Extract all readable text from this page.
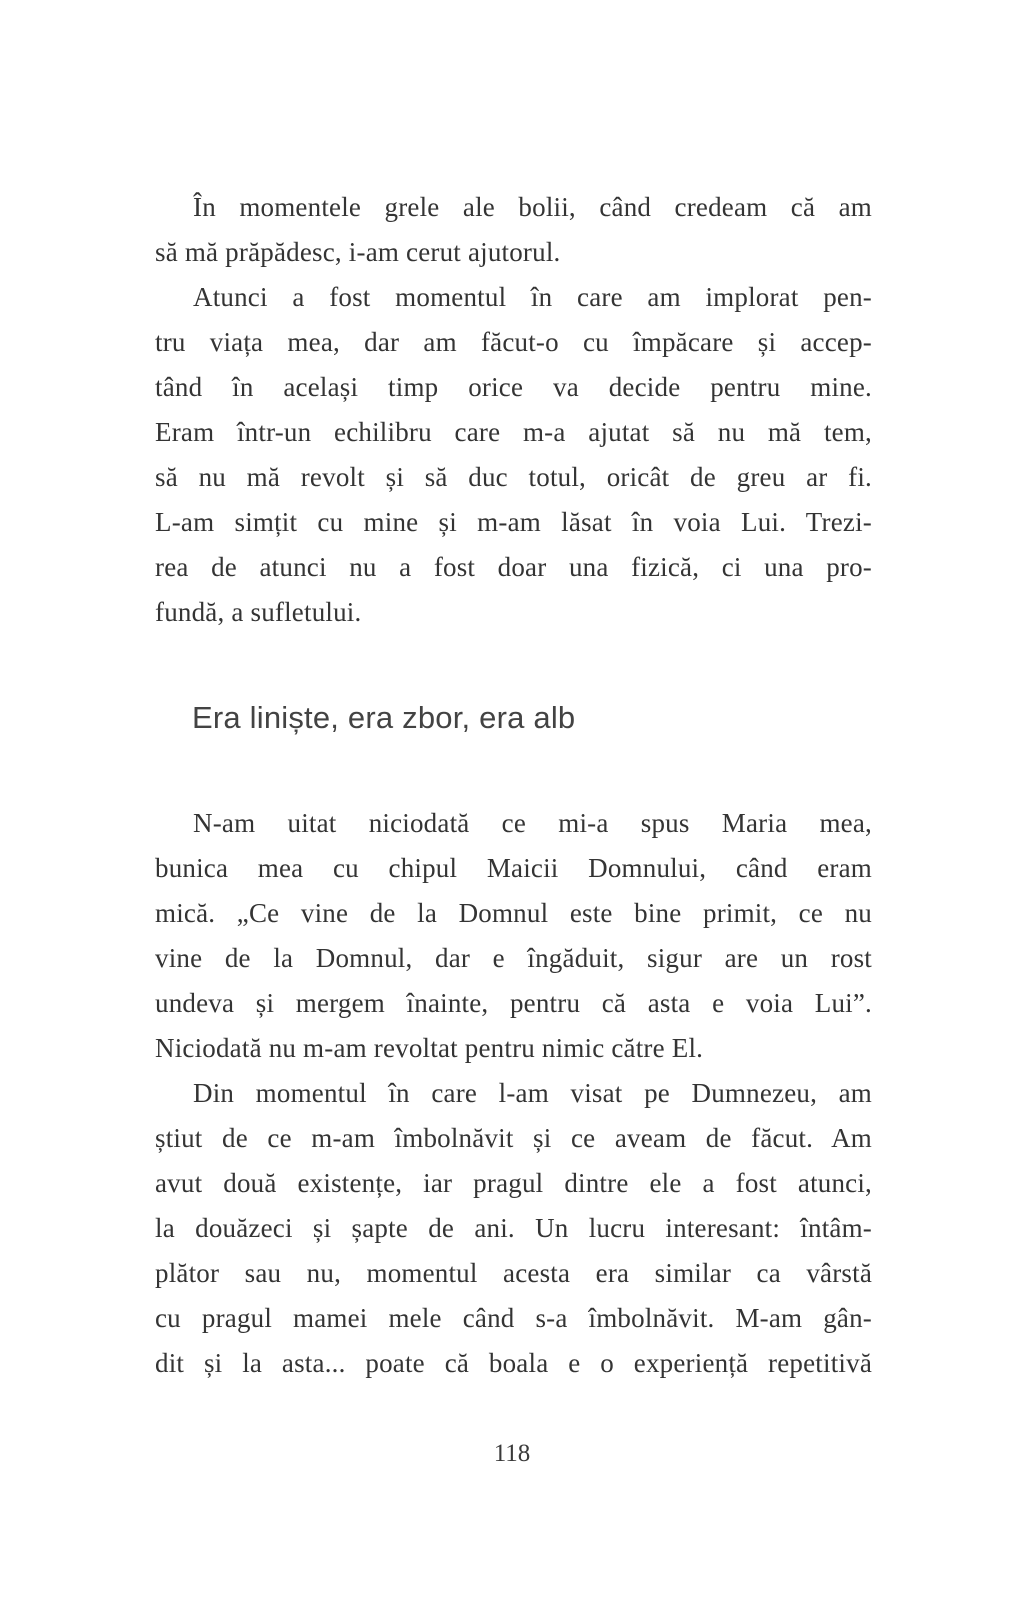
În momentele grele ale bolii, când credeam că am
să mă prăpădesc, i-am cerut ajutorul.

Atunci a fost momentul în care am implorat pen-
tru viața mea, dar am făcut-o cu împăcare și accep-
tând în același timp orice va decide pentru mine.
Eram într-un echilibru care m-a ajutat să nu mă tem,
să nu mă revolt și să duc totul, oricât de greu ar fi.
L-am simțit cu mine și m-am lăsat în voia Lui. Trezi-
rea de atunci nu a fost doar una fizică, ci una pro-
fundă, a sufletului.

Era liniște, era zbor, era alb

N-am uitat niciodată ce mi-a spus Maria mea,
bunica mea cu chipul Maicii Domnului, când eram
mică. „Ce vine de la Domnul este bine primit, ce nu
vine de la Domnul, dar e îngăduit, sigur are un rost
undeva și mergem înainte, pentru că asta e voia Lui”.
Niciodată nu m-am revoltat pentru nimic către El.

Din momentul în care l-am visat pe Dumnezeu, am
știut de ce m-am îmbolnăvit și ce aveam de făcut. Am
avut două existențe, iar pragul dintre ele a fost atunci,
la douăzeci și șapte de ani. Un lucru interesant: întâm-
plător sau nu, momentul acesta era similar ca vârstă
cu pragul mamei mele când s-a îmbolnăvit. M-am gân-
dit și la asta... poate că boala e o experiență repetitivă

118
